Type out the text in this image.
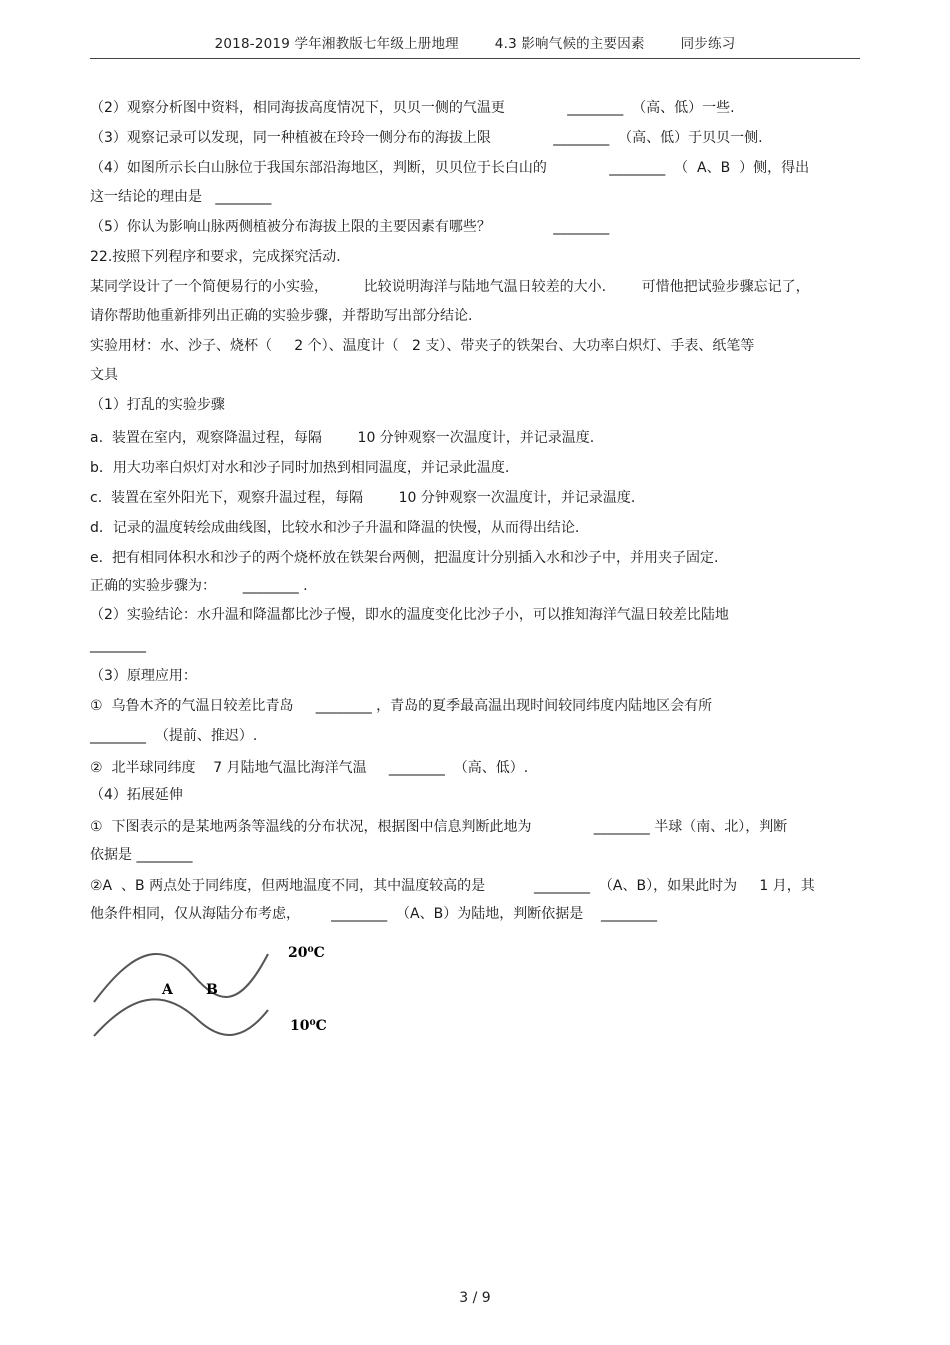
2018-2019 学年湘教版七年级上册地理        4.3 影响气候的主要因素        同步练习
（2）观察分析图中资料，相同海拔高度情况下，贝贝一侧的气温更              ________  （高、低）一些.
（3）观察记录可以发现，同一种植被在玲玲一侧分布的海拔上限              ________  （高、低）于贝贝一侧.
（4）如图所示长白山脉位于我国东部沿海地区，判断，贝贝位于长白山的              ________  （  A、B  ）侧，得出
这一结论的理由是   ________
（5）你认为影响山脉两侧植被分布海拔上限的主要因素有哪些？              ________
22.按照下列程序和要求，完成探究活动.
某同学设计了一个简便易行的小实验，        比较说明海洋与陆地气温日较差的大小.        可惜他把试验步骤忘记了，
请你帮助他重新排列出正确的实验步骤，并帮助写出部分结论.
实验用材：水、沙子、烧杯（     2 个）、温度计（   2 支）、带夹子的铁架台、大功率白炽灯、手表、纸笔等
文具
（1）打乱的实验步骤
a.  装置在室内，观察降温过程，每隔        10 分钟观察一次温度计，并记录温度.
b．用大功率白炽灯对水和沙子同时加热到相同温度，并记录此温度.
c.  装置在室外阳光下，观察升温过程，每隔        10 分钟观察一次温度计，并记录温度.
d．记录的温度转绘成曲线图，比较水和沙子升温和降温的快慢，从而得出结论.
e.  把有相同体积水和沙子的两个烧杯放在铁架台两侧，把温度计分别插入水和沙子中，并用夹子固定.
正确的实验步骤为：      ________ .
（2）实验结论：水升温和降温都比沙子慢，即水的温度变化比沙子小，可以推知海洋气温日较差比陆地
________
（3）原理应用：
①  乌鲁木齐的气温日较差比青岛     ________ ，青岛的夏季最高温出现时间较同纬度内陆地区会有所
________  （提前、推迟）.
②  北半球同纬度    7 月陆地气温比海洋气温     ________  （高、低）.
（4）拓展延伸
①  下图表示的是某地两条等温线的分布状况，根据图中信息判断此地为              ________ 半球（南、北），判断
依据是 ________
②A  、B 两点处于同纬度，但两地温度不同，其中温度较高的是           ________  （A、B），如果此时为     1 月，其
他条件相同，仅从海陆分布考虑，       ________  （A、B）为陆地，判断依据是    ________
A B
20⁰C
10⁰C
3 / 9
